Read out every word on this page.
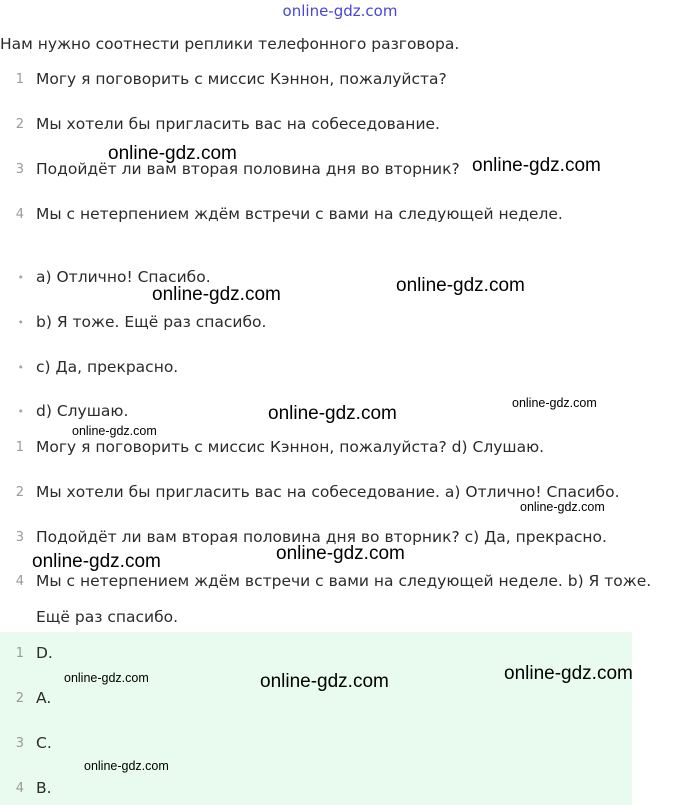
online-gdz.com
Нам нужно соотнести реплики телефонного разговора.
1 Могу я поговорить с миссис Кэннон, пожалуйста?
2 Мы хотели бы пригласить вас на собеседование.
3 Подойдёт ли вам вторая половина дня во вторник?
4 Мы с нетерпением ждём встречи с вами на следующей неделе.
• a) Отлично! Спасибо.
• b) Я тоже. Ещё раз спасибо.
• c) Да, прекрасно.
• d) Слушаю.
1 Могу я поговорить с миссис Кэннон, пожалуйста? d) Слушаю.
2 Мы хотели бы пригласить вас на собеседование. a) Отлично! Спасибо.
3 Подойдёт ли вам вторая половина дня во вторник? c) Да, прекрасно.
4 Мы с нетерпением ждём встречи с вами на следующей неделе. b) Я тоже.
Ещё раз спасибо.
1 D.
2 A.
3 C.
4 B.
online-gdz.com
online-gdz.com
online-gdz.com	online-gdz.com
online-gdz.com	online-gdz.com
online-gdz.com
online-gdz.com
online-gdz.com
online-gdz.com
online-gdz.com	online-gdz.com	online-gdz.com
online-gdz.com
